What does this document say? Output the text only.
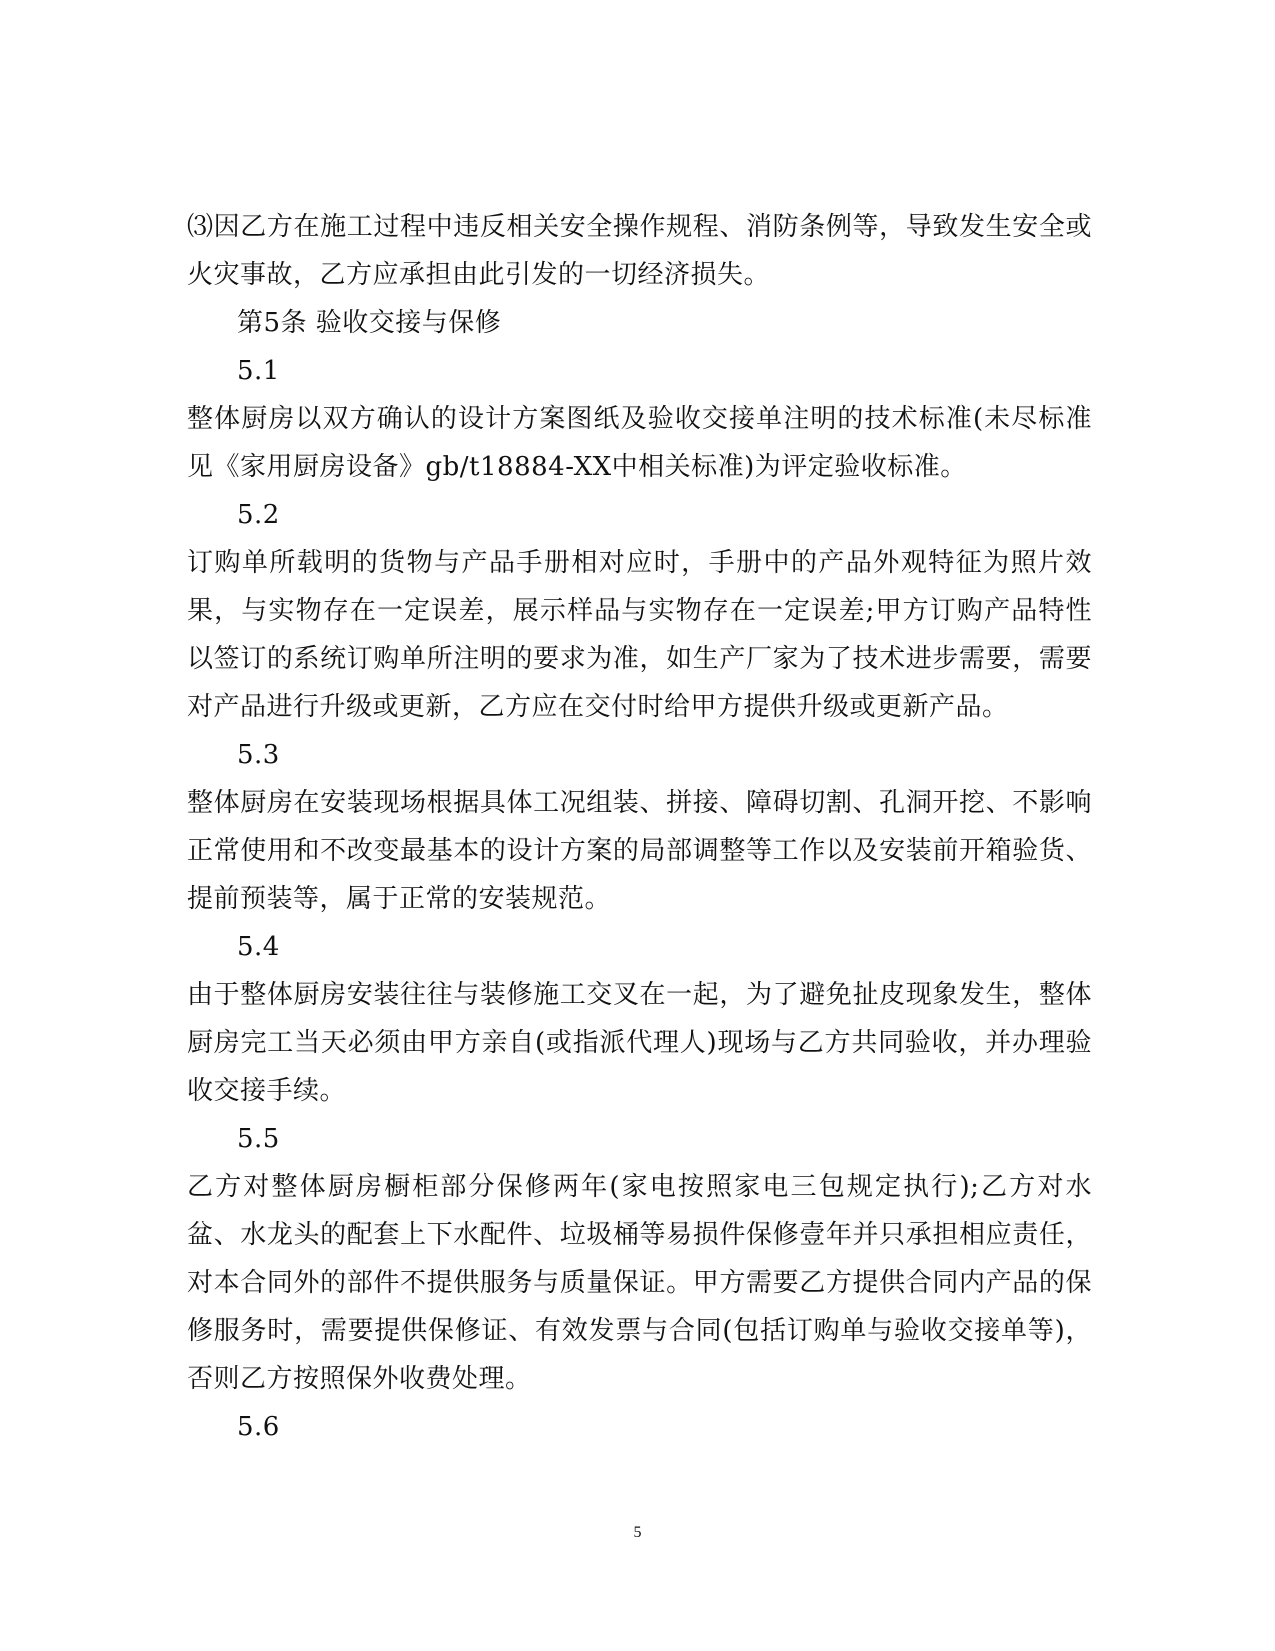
⑶因乙方在施工过程中违反相关安全操作规程、消防条例等，导致发生安全或火灾事故，乙方应承担由此引发的一切经济损失。

第5条 验收交接与保修

5.1

整体厨房以双方确认的设计方案图纸及验收交接单注明的技术标准(未尽标准见《家用厨房设备》gb/t18884-XX中相关标准)为评定验收标准。

5.2

订购单所载明的货物与产品手册相对应时，手册中的产品外观特征为照片效果，与实物存在一定误差，展示样品与实物存在一定误差;甲方订购产品特性以签订的系统订购单所注明的要求为准，如生产厂家为了技术进步需要，需要对产品进行升级或更新，乙方应在交付时给甲方提供升级或更新产品。

5.3

整体厨房在安装现场根据具体工况组装、拼接、障碍切割、孔洞开挖、不影响正常使用和不改变最基本的设计方案的局部调整等工作以及安装前开箱验货、提前预装等，属于正常的安装规范。

5.4

由于整体厨房安装往往与装修施工交叉在一起，为了避免扯皮现象发生，整体厨房完工当天必须由甲方亲自(或指派代理人)现场与乙方共同验收，并办理验收交接手续。

5.5

乙方对整体厨房橱柜部分保修两年(家电按照家电三包规定执行);乙方对水盆、水龙头的配套上下水配件、垃圾桶等易损件保修壹年并只承担相应责任，对本合同外的部件不提供服务与质量保证。甲方需要乙方提供合同内产品的保修服务时，需要提供保修证、有效发票与合同(包括订购单与验收交接单等)，否则乙方按照保外收费处理。

5.6

5
